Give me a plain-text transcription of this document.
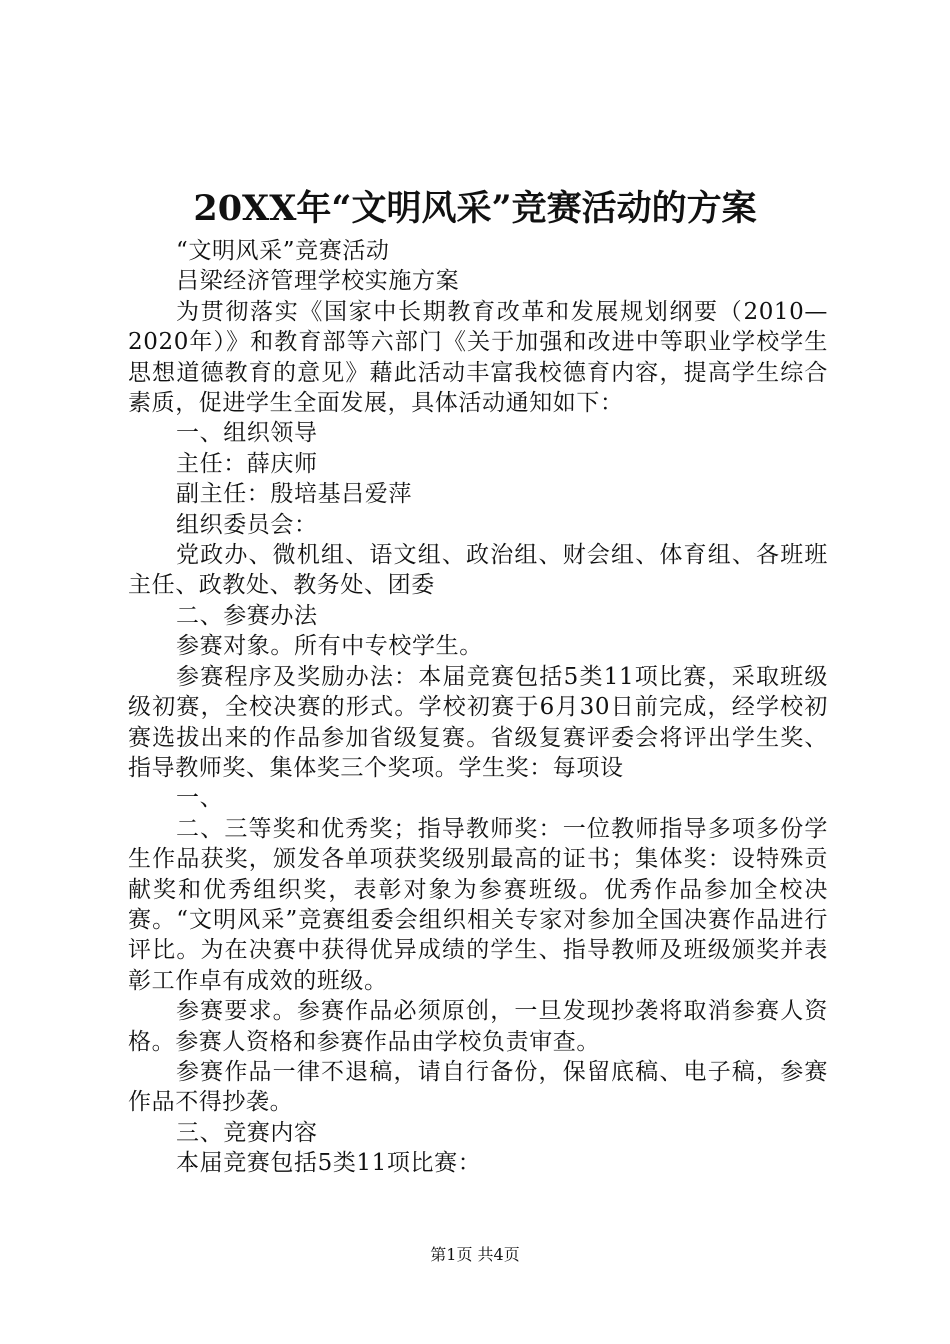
20XX年“文明风采”竞赛活动的方案

“文明风采”竞赛活动

吕梁经济管理学校实施方案

为贯彻落实《国家中长期教育改革和发展规划纲要（2010—2020年）》和教育部等六部门《关于加强和改进中等职业学校学生思想道德教育的意见》藉此活动丰富我校德育内容，提高学生综合素质，促进学生全面发展，具体活动通知如下：

一、组织领导

主任：薛庆师

副主任：殷培基吕爱萍

组织委员会：

党政办、微机组、语文组、政治组、财会组、体育组、各班班主任、政教处、教务处、团委

二、参赛办法

参赛对象。所有中专校学生。

参赛程序及奖励办法：本届竞赛包括5类11项比赛，采取班级级初赛，全校决赛的形式。学校初赛于6月30日前完成，经学校初赛选拔出来的作品参加省级复赛。省级复赛评委会将评出学生奖、指导教师奖、集体奖三个奖项。学生奖：每项设

一、

二、三等奖和优秀奖；指导教师奖：一位教师指导多项多份学生作品获奖，颁发各单项获奖级别最高的证书；集体奖：设特殊贡献奖和优秀组织奖，表彰对象为参赛班级。优秀作品参加全校决赛。“文明风采”竞赛组委会组织相关专家对参加全国决赛作品进行评比。为在决赛中获得优异成绩的学生、指导教师及班级颁奖并表彰工作卓有成效的班级。

参赛要求。参赛作品必须原创，一旦发现抄袭将取消参赛人资格。参赛人资格和参赛作品由学校负责审查。

参赛作品一律不退稿，请自行备份，保留底稿、电子稿，参赛作品不得抄袭。

三、竞赛内容

本届竞赛包括5类11项比赛：

第1页 共4页
